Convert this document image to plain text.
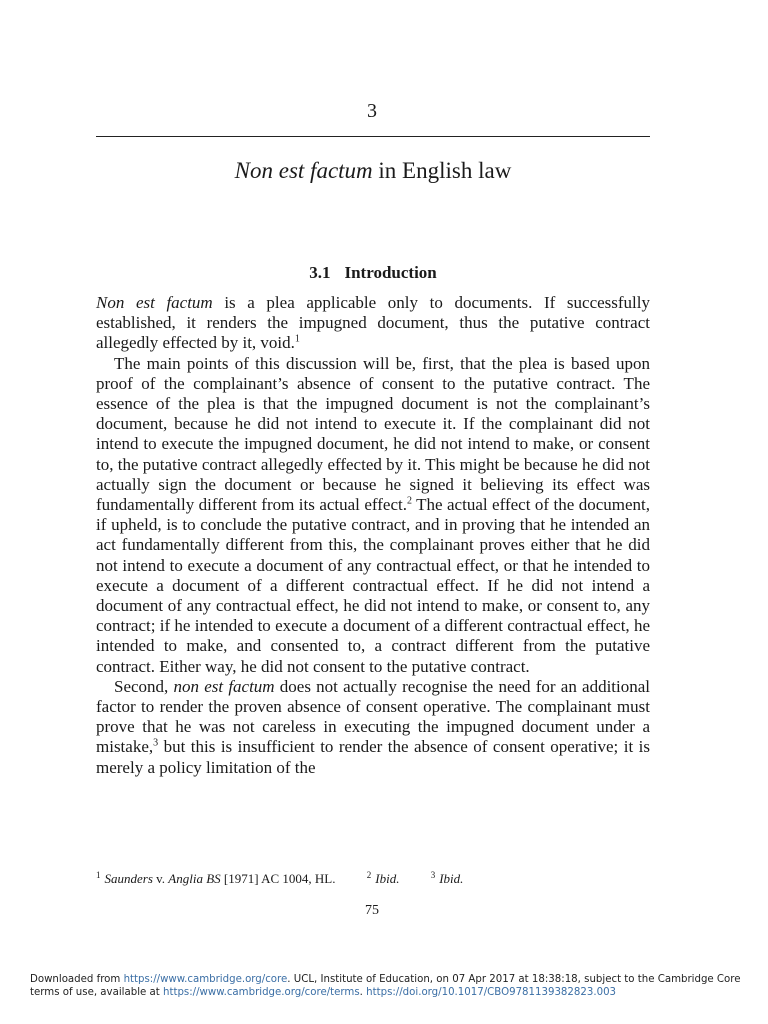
3
Non est factum in English law
3.1 Introduction

Non est factum is a plea applicable only to documents. If successfully established, it renders the impugned document, thus the putative contract allegedly effected by it, void.$^1$

The main points of this discussion will be, first, that the plea is based upon proof of the complainant’s absence of consent to the putative contract. The essence of the plea is that the impugned document is not the complainant’s document, because he did not intend to execute it. If the complainant did not intend to execute the impugned document, he did not intend to make, or consent to, the putative contract allegedly effected by it. This might be because he did not actually sign the document or because he signed it believing its effect was fundamentally different from its actual effect.$^2$ The actual effect of the document, if upheld, is to conclude the putative contract, and in proving that he intended an act fundamentally different from this, the complainant proves either that he did not intend to execute a document of any contractual effect, or that he intended to execute a document of a different contractual effect. If he did not intend a document of any contractual effect, he did not intend to make, or consent to, any contract; if he intended to execute a document of a different contractual effect, he intended to make, and consented to, a contract different from the putative contract. Either way, he did not consent to the putative contract.

Second, non est factum does not actually recognise the need for an additional factor to render the proven absence of consent operative. The complainant must prove that he was not careless in executing the impugned document under a mistake,$^3$ but this is insufficient to render the absence of consent operative; it is merely a policy limitation of the

$^1$ Saunders v. Anglia BS [1971] AC 1004, HL.	$^2$ Ibid.	$^3$ Ibid.
75
Downloaded from https://www.cambridge.org/core. UCL, Institute of Education, on 07 Apr 2017 at 18:38:18, subject to the Cambridge Core terms of use, available at https://www.cambridge.org/core/terms. https://doi.org/10.1017/CBO9781139382823.003
